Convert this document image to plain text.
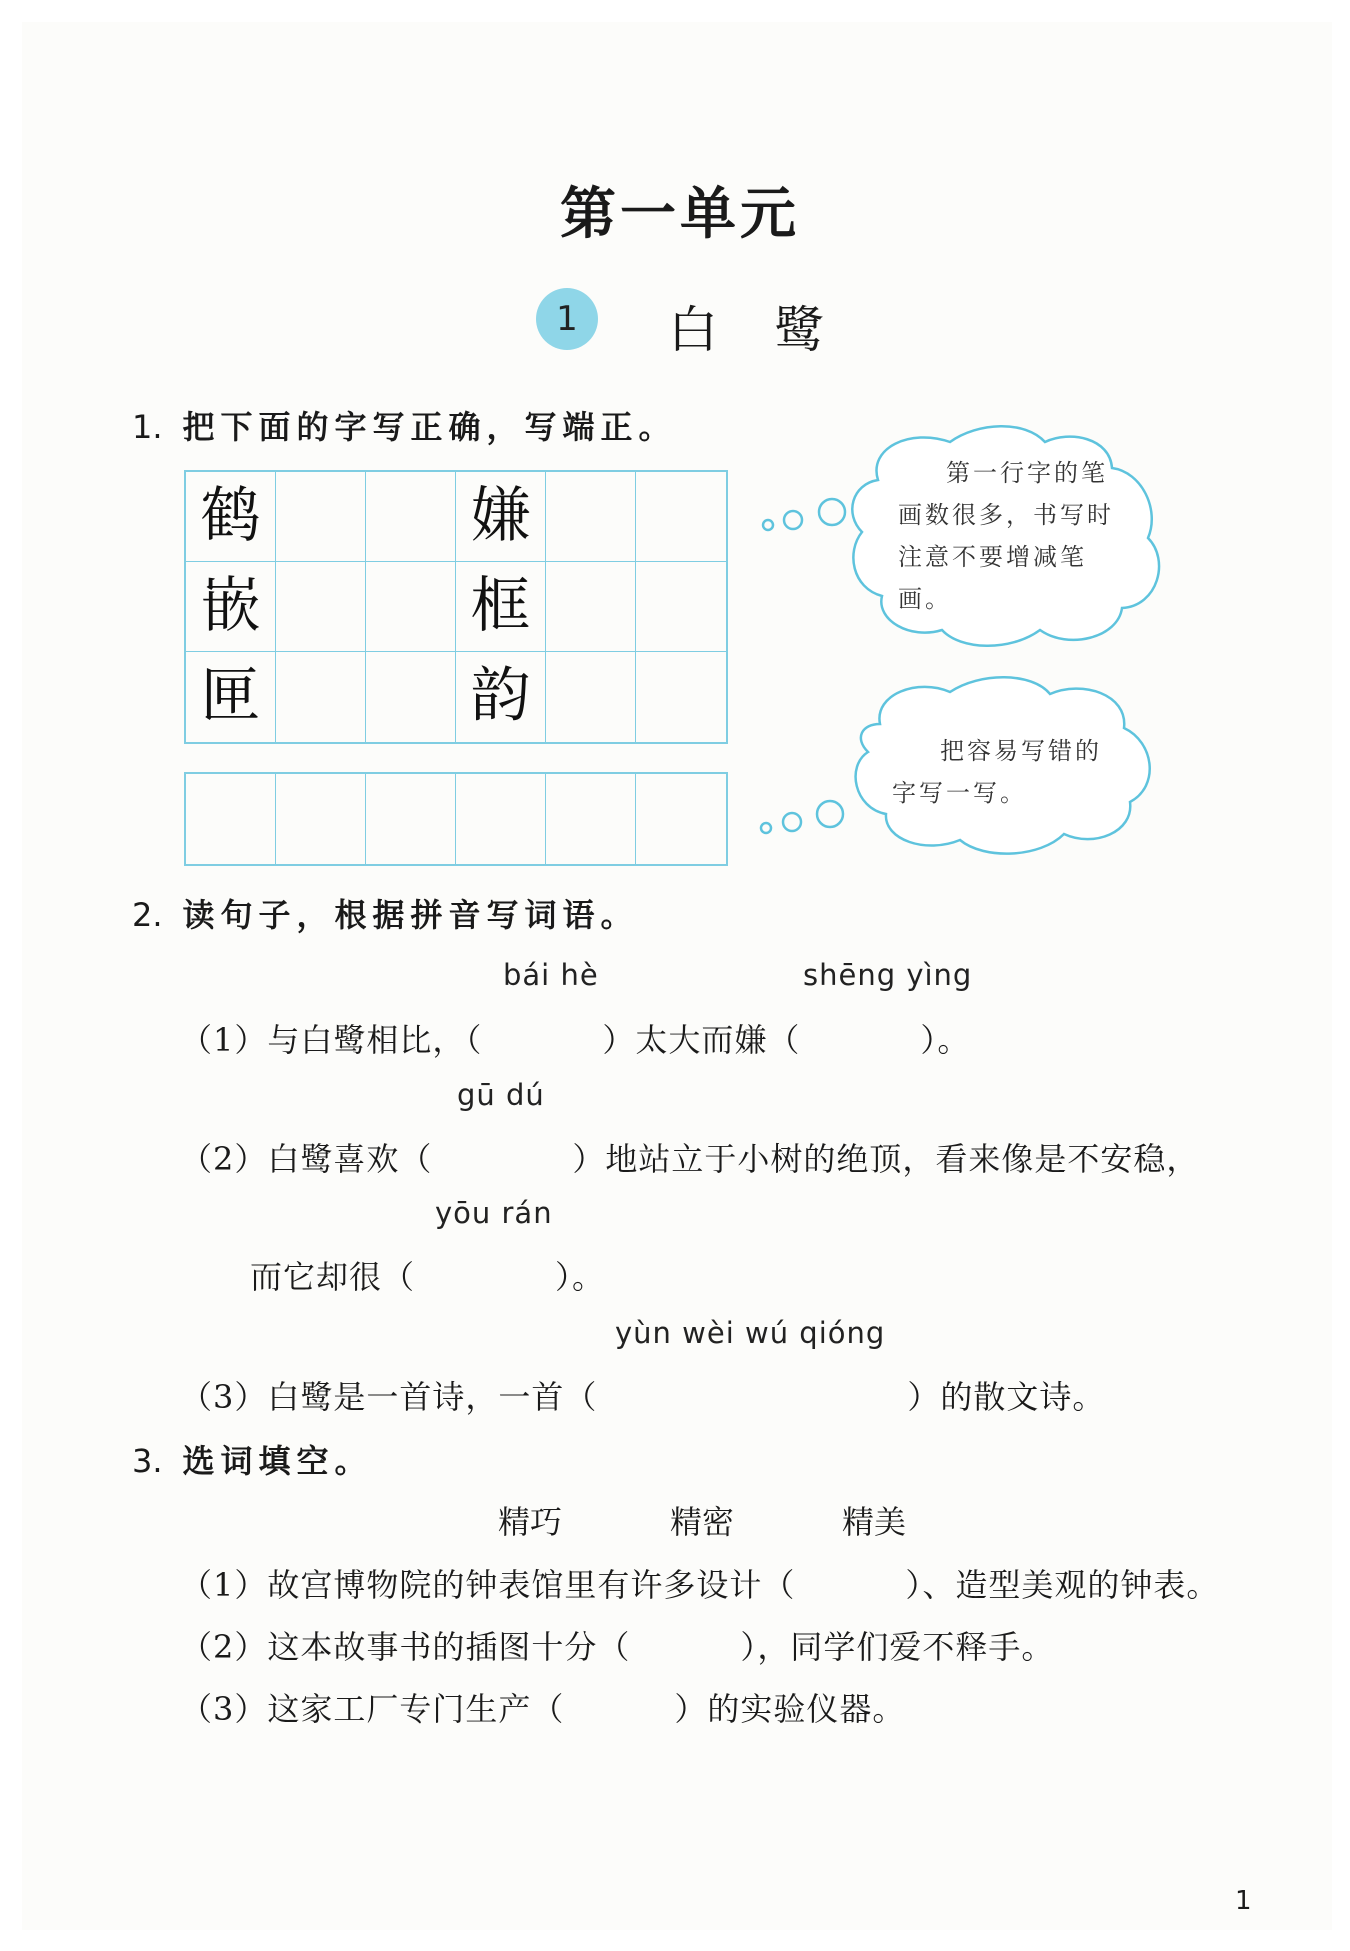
第一单元
1	白鹭
1. 把下面的字写正确，写端正。
鹤	嫌
嵌	框
匣	韵
第一行字的笔画数很多，书写时注意不要增减笔画。
把容易写错的字写一写。
2. 读句子，根据拼音写词语。
bái hè	shēng yìng
（1）与白鹭相比，（	）太大而嫌（	）。
gū dú
（2）白鹭喜欢（	）地站立于小树的绝顶，看来像是不安稳，
yōu rán
而它却很（	）。
yùn wèi wú qióng
（3）白鹭是一首诗，一首（	）的散文诗。
3. 选词填空。
精巧	精密	精美
（1）故宫博物院的钟表馆里有许多设计（	）、造型美观的钟表。
（2）这本故事书的插图十分（	），同学们爱不释手。
（3）这家工厂专门生产（	）的实验仪器。
1
